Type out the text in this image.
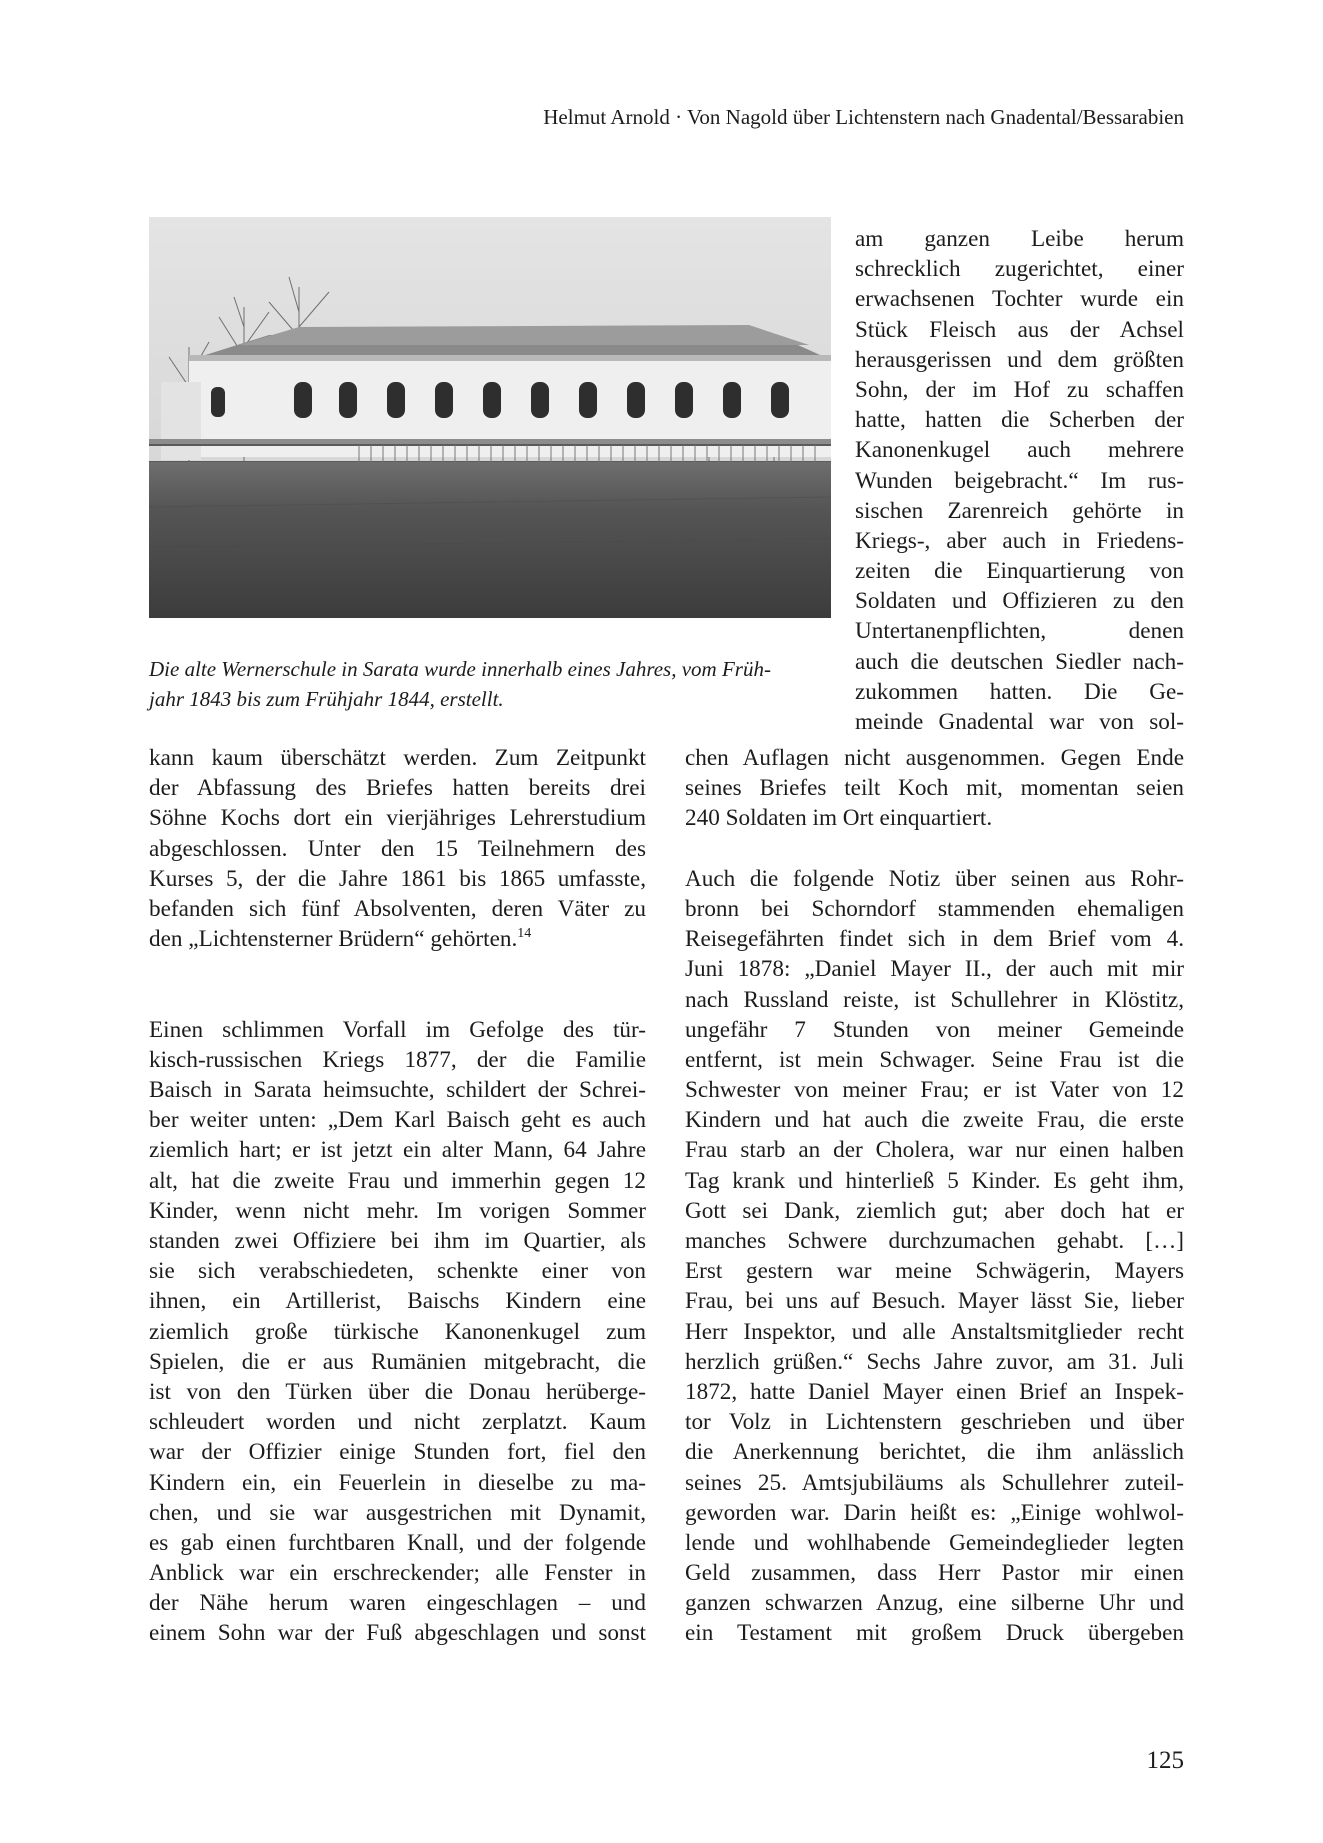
Helmut Arnold · Von Nagold über Lichtenstern nach Gnadental/Bessarabien
Die alte Wernerschule in Sarata wurde innerhalb eines Jahres, vom Früh-
jahr 1843 bis zum Frühjahr 1844, erstellt.
am ganzen Leibe herum
schrecklich zugerichtet, einer
erwachsenen Tochter wurde ein
Stück Fleisch aus der Achsel
herausgerissen und dem größten
Sohn, der im Hof zu schaffen
hatte, hatten die Scherben der
Kanonenkugel auch mehrere
Wunden beigebracht.“ Im rus-
sischen Zarenreich gehörte in
Kriegs-, aber auch in Friedens-
zeiten die Einquartierung von
Soldaten und Offizieren zu den
Untertanenpflichten, denen
auch die deutschen Siedler nach-
zukommen hatten. Die Ge-
meinde Gnadental war von sol-
kann kaum überschätzt werden. Zum Zeitpunkt
der Abfassung des Briefes hatten bereits drei
Söhne Kochs dort ein vierjähriges Lehrerstudium
abgeschlossen. Unter den 15 Teilnehmern des
Kurses 5, der die Jahre 1861 bis 1865 umfasste,
befanden sich fünf Absolventen, deren Väter zu
den „Lichtensterner Brüdern“ gehörten.$^{14}$
Einen schlimmen Vorfall im Gefolge des tür-
kisch-russischen Kriegs 1877, der die Familie
Baisch in Sarata heimsuchte, schildert der Schrei-
ber weiter unten: „Dem Karl Baisch geht es auch
ziemlich hart; er ist jetzt ein alter Mann, 64 Jahre
alt, hat die zweite Frau und immerhin gegen 12
Kinder, wenn nicht mehr. Im vorigen Sommer
standen zwei Offiziere bei ihm im Quartier, als
sie sich verabschiedeten, schenkte einer von
ihnen, ein Artillerist, Baischs Kindern eine
ziemlich große türkische Kanonenkugel zum
Spielen, die er aus Rumänien mitgebracht, die
ist von den Türken über die Donau herüberge-
schleudert worden und nicht zerplatzt. Kaum
war der Offizier einige Stunden fort, fiel den
Kindern ein, ein Feuerlein in dieselbe zu ma-
chen, und sie war ausgestrichen mit Dynamit,
es gab einen furchtbaren Knall, und der folgende
Anblick war ein erschreckender; alle Fenster in
der Nähe herum waren eingeschlagen – und
einem Sohn war der Fuß abgeschlagen und sonst
chen Auflagen nicht ausgenommen. Gegen Ende
seines Briefes teilt Koch mit, momentan seien
240 Soldaten im Ort einquartiert.
Auch die folgende Notiz über seinen aus Rohr-
bronn bei Schorndorf stammenden ehemaligen
Reisegefährten findet sich in dem Brief vom 4.
Juni 1878: „Daniel Mayer II., der auch mit mir
nach Russland reiste, ist Schullehrer in Klöstitz,
ungefähr 7 Stunden von meiner Gemeinde
entfernt, ist mein Schwager. Seine Frau ist die
Schwester von meiner Frau; er ist Vater von 12
Kindern und hat auch die zweite Frau, die erste
Frau starb an der Cholera, war nur einen halben
Tag krank und hinterließ 5 Kinder. Es geht ihm,
Gott sei Dank, ziemlich gut; aber doch hat er
manches Schwere durchzumachen gehabt. […]
Erst gestern war meine Schwägerin, Mayers
Frau, bei uns auf Besuch. Mayer lässt Sie, lieber
Herr Inspektor, und alle Anstaltsmitglieder recht
herzlich grüßen.“ Sechs Jahre zuvor, am 31. Juli
1872, hatte Daniel Mayer einen Brief an Inspek-
tor Volz in Lichtenstern geschrieben und über
die Anerkennung berichtet, die ihm anlässlich
seines 25. Amtsjubiläums als Schullehrer zuteil-
geworden war. Darin heißt es: „Einige wohlwol-
lende und wohlhabende Gemeindeglieder legten
Geld zusammen, dass Herr Pastor mir einen
ganzen schwarzen Anzug, eine silberne Uhr und
ein Testament mit großem Druck übergeben
125
